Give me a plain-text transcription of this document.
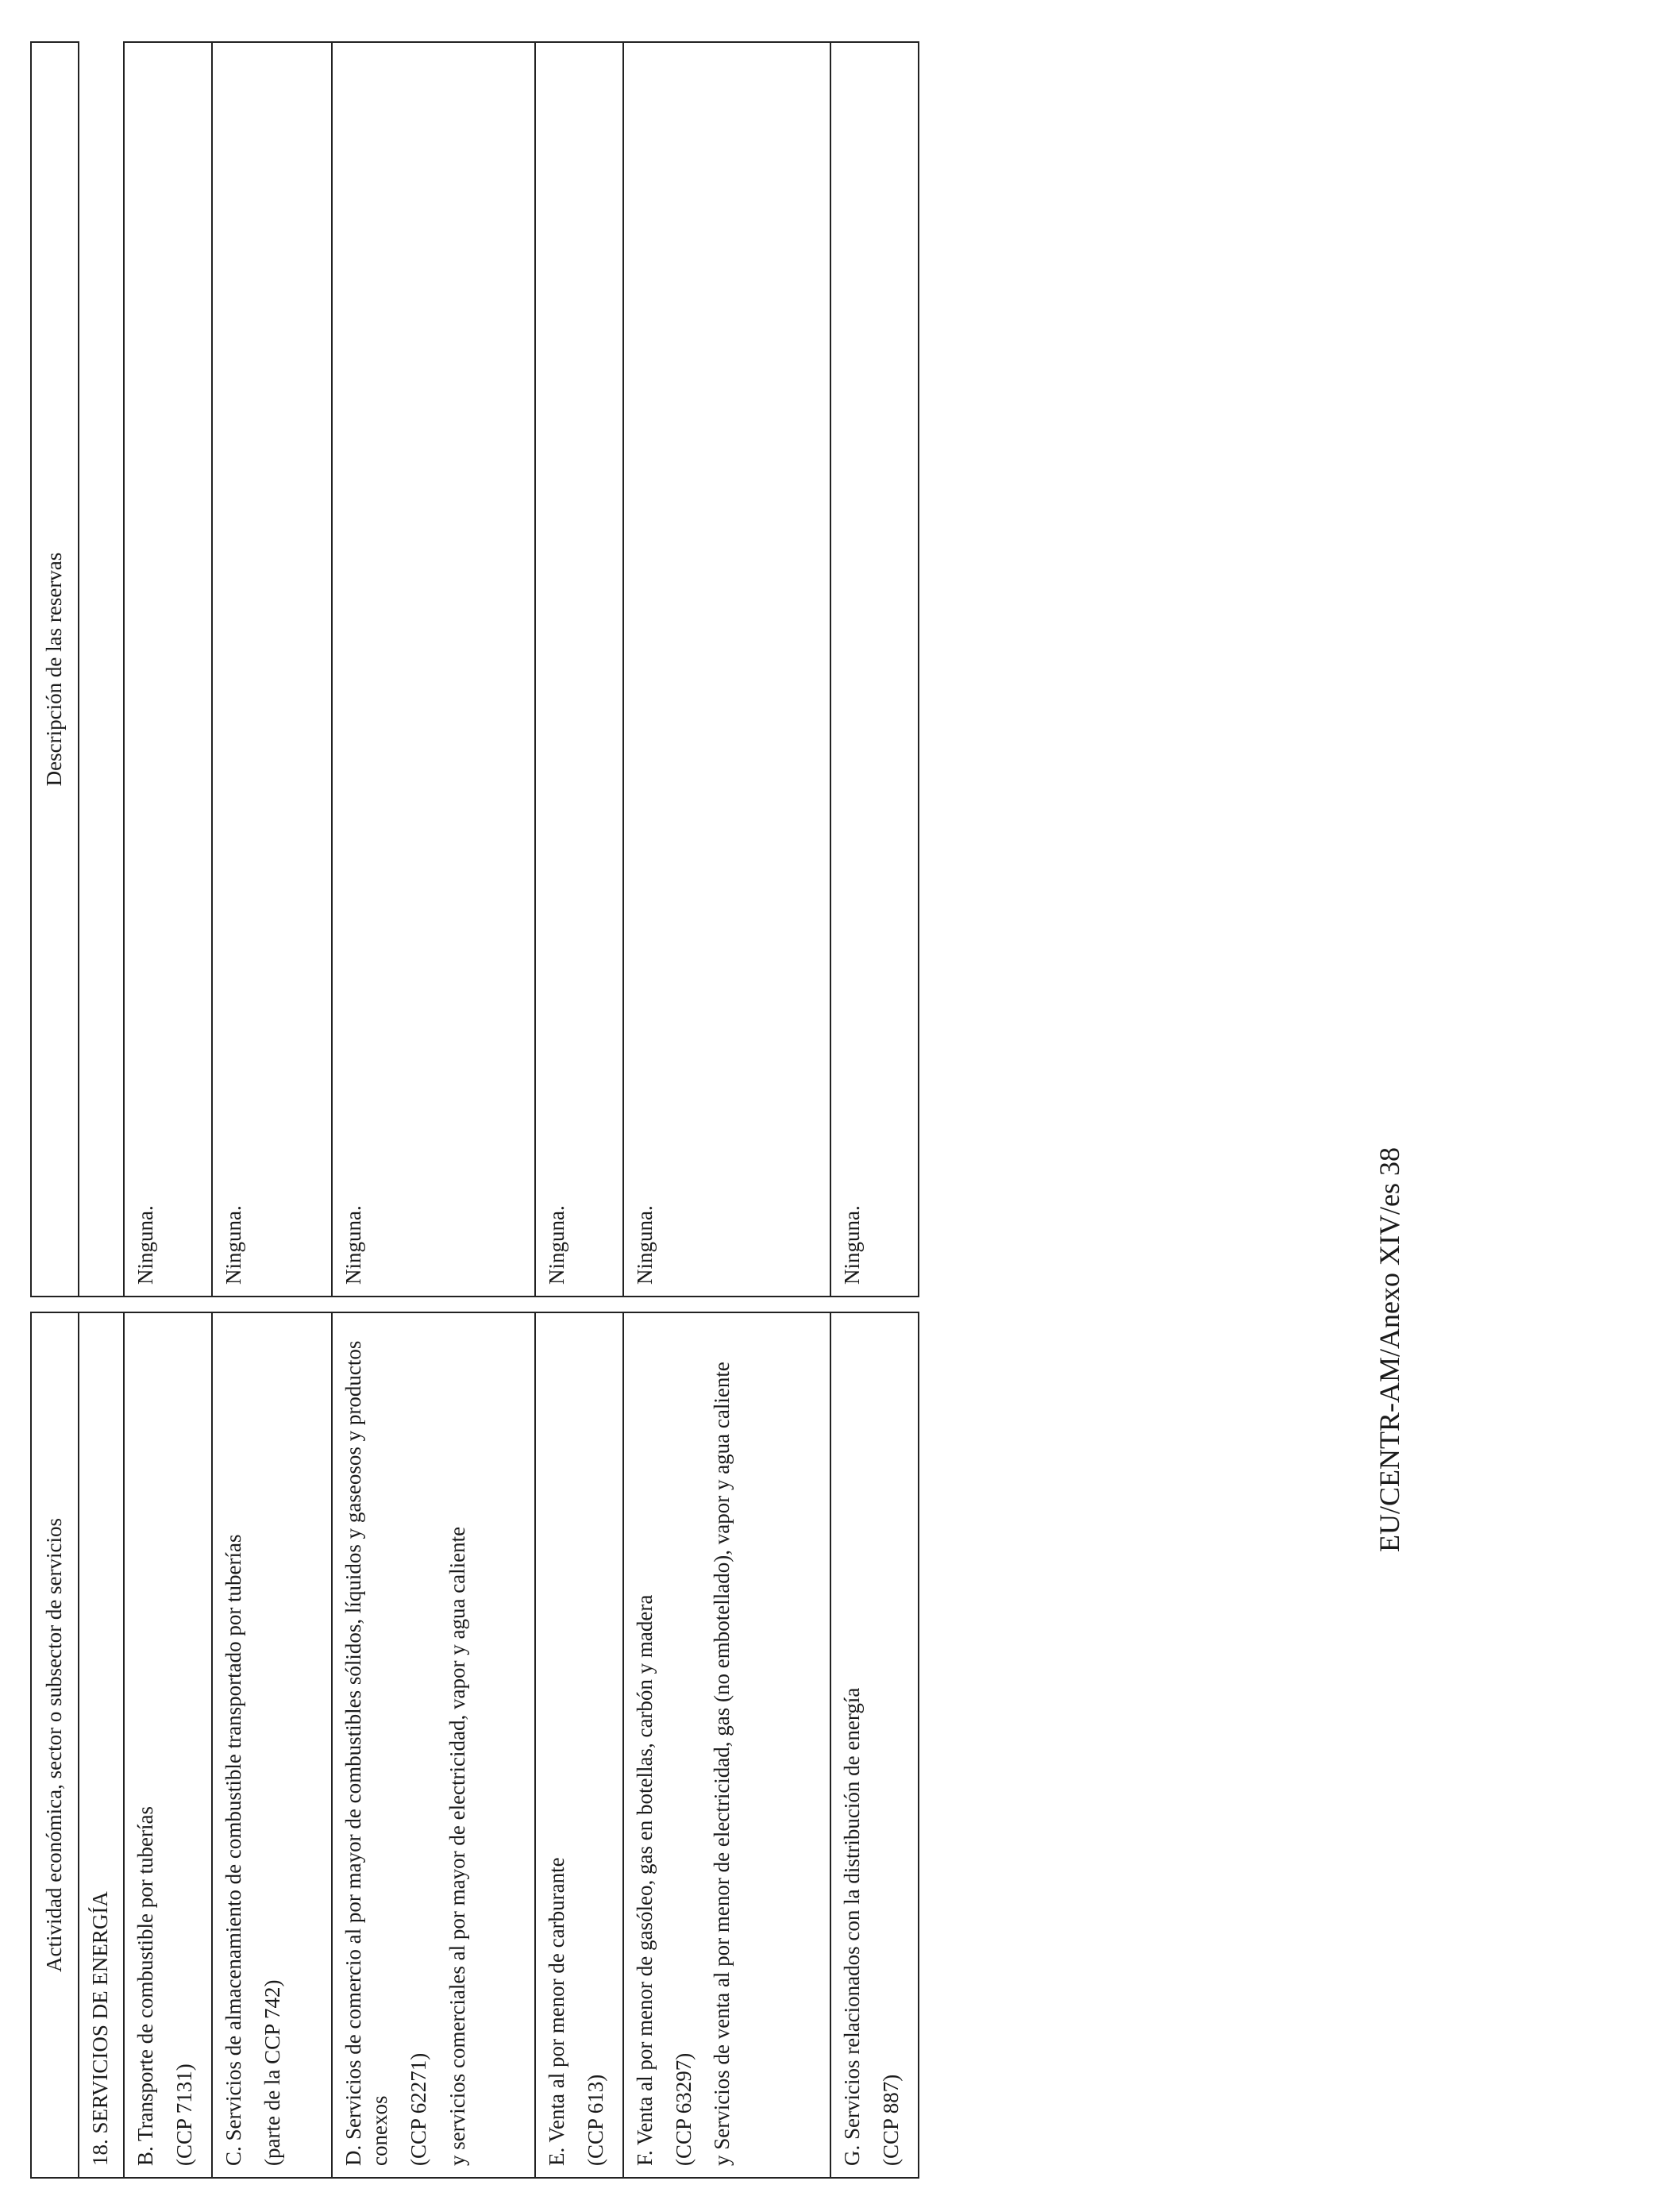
Actividad económica, sector o subsector de servicios		Descripción de las reservas
18. SERVICIOS DE ENERGÍA		

B. Transporte de combustible por tuberías (CCP 7131)		Ninguna.

C. Servicios de almacenamiento de combustible transportado por tuberías (parte de la CCP 742)		Ninguna.

D. Servicios de comercio al por mayor de combustibles sólidos, líquidos y gaseosos y productos conexos (CCP 62271) y servicios comerciales al por mayor de electricidad, vapor y agua caliente		Ninguna.

E. Venta al por menor de carburante (CCP 613)		Ninguna.

F. Venta al por menor de gasóleo, gas en botellas, carbón y madera (CCP 63297) y Servicios de venta al por menor de electricidad, gas (no embotellado), vapor y agua caliente		Ninguna.

G. Servicios relacionados con la distribución de energía (CCP 887)		Ninguna.	EU/CENTR-AM/Anexo XIV/es 38
